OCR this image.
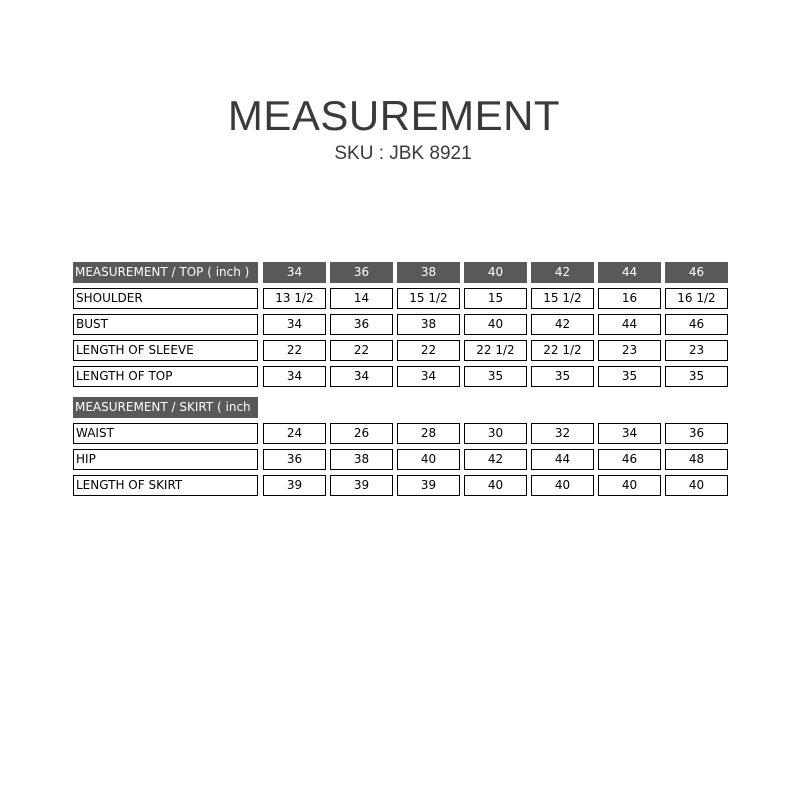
MEASUREMENT
SKU : JBK 8921
MEASUREMENT / TOP ( inch )	34	36	38	40	42	44	46
SHOULDER	13 1/2	14	15 1/2	15	15 1/2	16	16 1/2
BUST	34	36	38	40	42	44	46
LENGTH OF SLEEVE	22	22	22	22 1/2	22 1/2	23	23
LENGTH OF TOP	34	34	34	35	35	35	35
MEASUREMENT / SKIRT ( inch
WAIST	24	26	28	30	32	34	36
HIP	36	38	40	42	44	46	48
LENGTH OF SKIRT	39	39	39	40	40	40	40
